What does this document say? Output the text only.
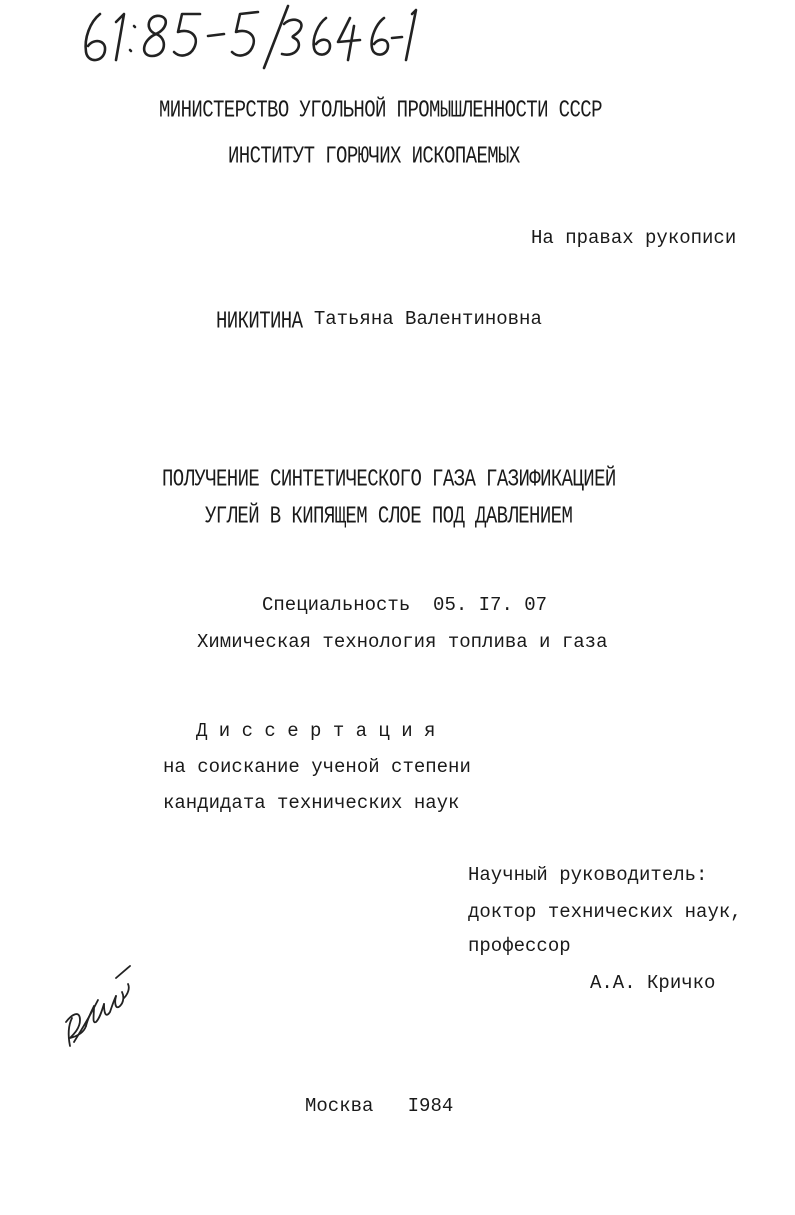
МИНИСТЕРСТВО УГОЛЬНОЙ ПРОМЫШЛЕННОСТИ СССР
ИНСТИТУТ ГОРЮЧИХ ИСКОПАЕМЫХ
На правах рукописи
НИКИТИНА Татьяна Валентиновна
ПОЛУЧЕНИЕ СИНТЕТИЧЕСКОГО ГАЗА ГАЗИФИКАЦИЕЙ
УГЛЕЙ В КИПЯЩЕМ СЛОЕ ПОД ДАВЛЕНИЕМ
Специальность 05. I7. 07
Химическая технология топлива и газа
Д и с с е р т а ц и я
на соискание ученой степени
кандидата технических наук
Научный руководитель:
доктор технических наук,
профессор
А.А. Кричко
Москва I984
